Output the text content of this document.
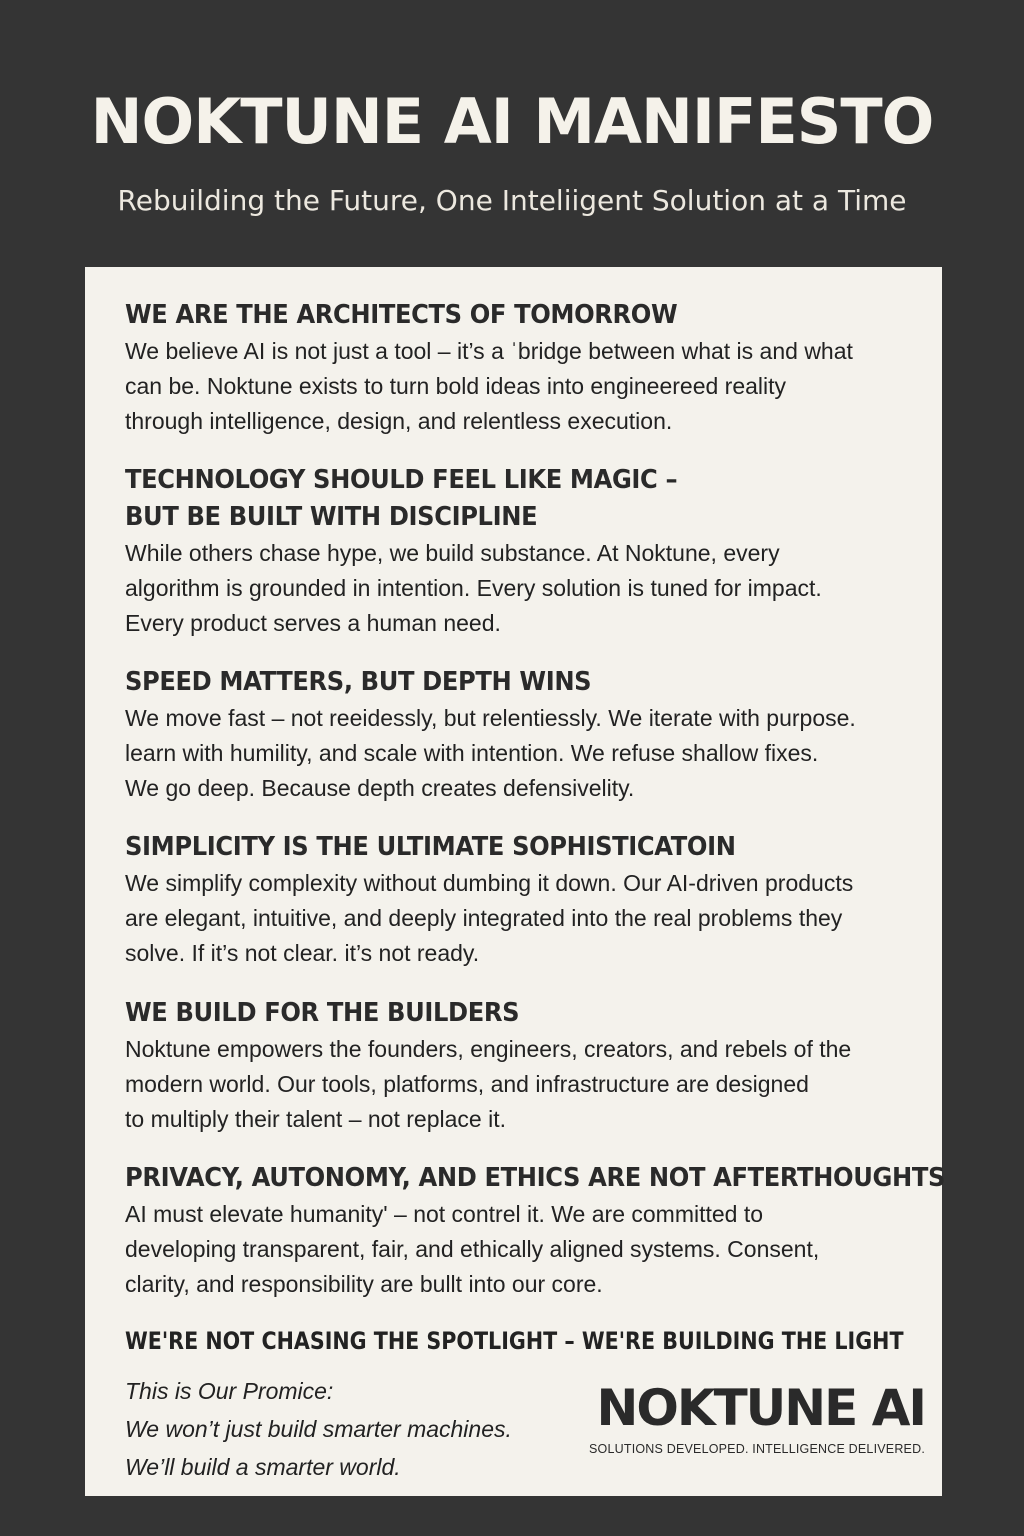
NOKTUNE AI MANIFESTO
Rebuilding the Future, One Inteliigent Solution at a Time
WE ARE THE ARCHITECTS OF TOMORROW
We believe AI is not just a tool – it’s a ˈbridge between what is and what
can be. Noktune exists to turn bold ideas into engineereed reality
through intelligence, design, and relentless execution.
TECHNOLOGY SHOULD FEEL LIKE MAGIC –
BUT BE BUILT WITH DISCIPLINE
While others chase hype, we build substance. At Noktune, every
algorithm is grounded in intention. Every solution is tuned for impact.
Every product serves a human need.
SPEED MATTERS, BUT DEPTH WINS
We move fast – not reeidessly, but relentiessly. We iterate with purpose.
learn with humility, and scale with intention. We refuse shallow fixes.
We go deep. Because depth creates defensivelity.
SIMPLICITY IS THE ULTIMATE SOPHISTICATOIN
We simplify complexity without dumbing it down. Our AI-driven products
are elegant, intuitive, and deeply integrated into the real problems they
solve. If it’s not clear. it’s not ready.
WE BUILD FOR THE BUILDERS
Noktune empowers the founders, engineers, creators, and rebels of the
modern world. Our tools, platforms, and infrastructure are designed
to multiply their talent – not replace it.
PRIVACY, AUTONOMY, AND ETHICS ARE NOT AFTERTHOUGHTS
AI must elevate humanity' – not contrel it. We are committed to
developing transparent, fair, and ethically aligned systems. Consent,
clarity, and responsibility are bullt into our core.
WE'RE NOT CHASING THE SPOTLIGHT – WE'RE BUILDING THE LIGHT
This is Our Promice:
We won’t just build smarter machines.
We’ll build a smarter world.
NOKTUNE AI
SOLUTIONS DEVELOPED. INTELLIGENCE DELIVERED.
